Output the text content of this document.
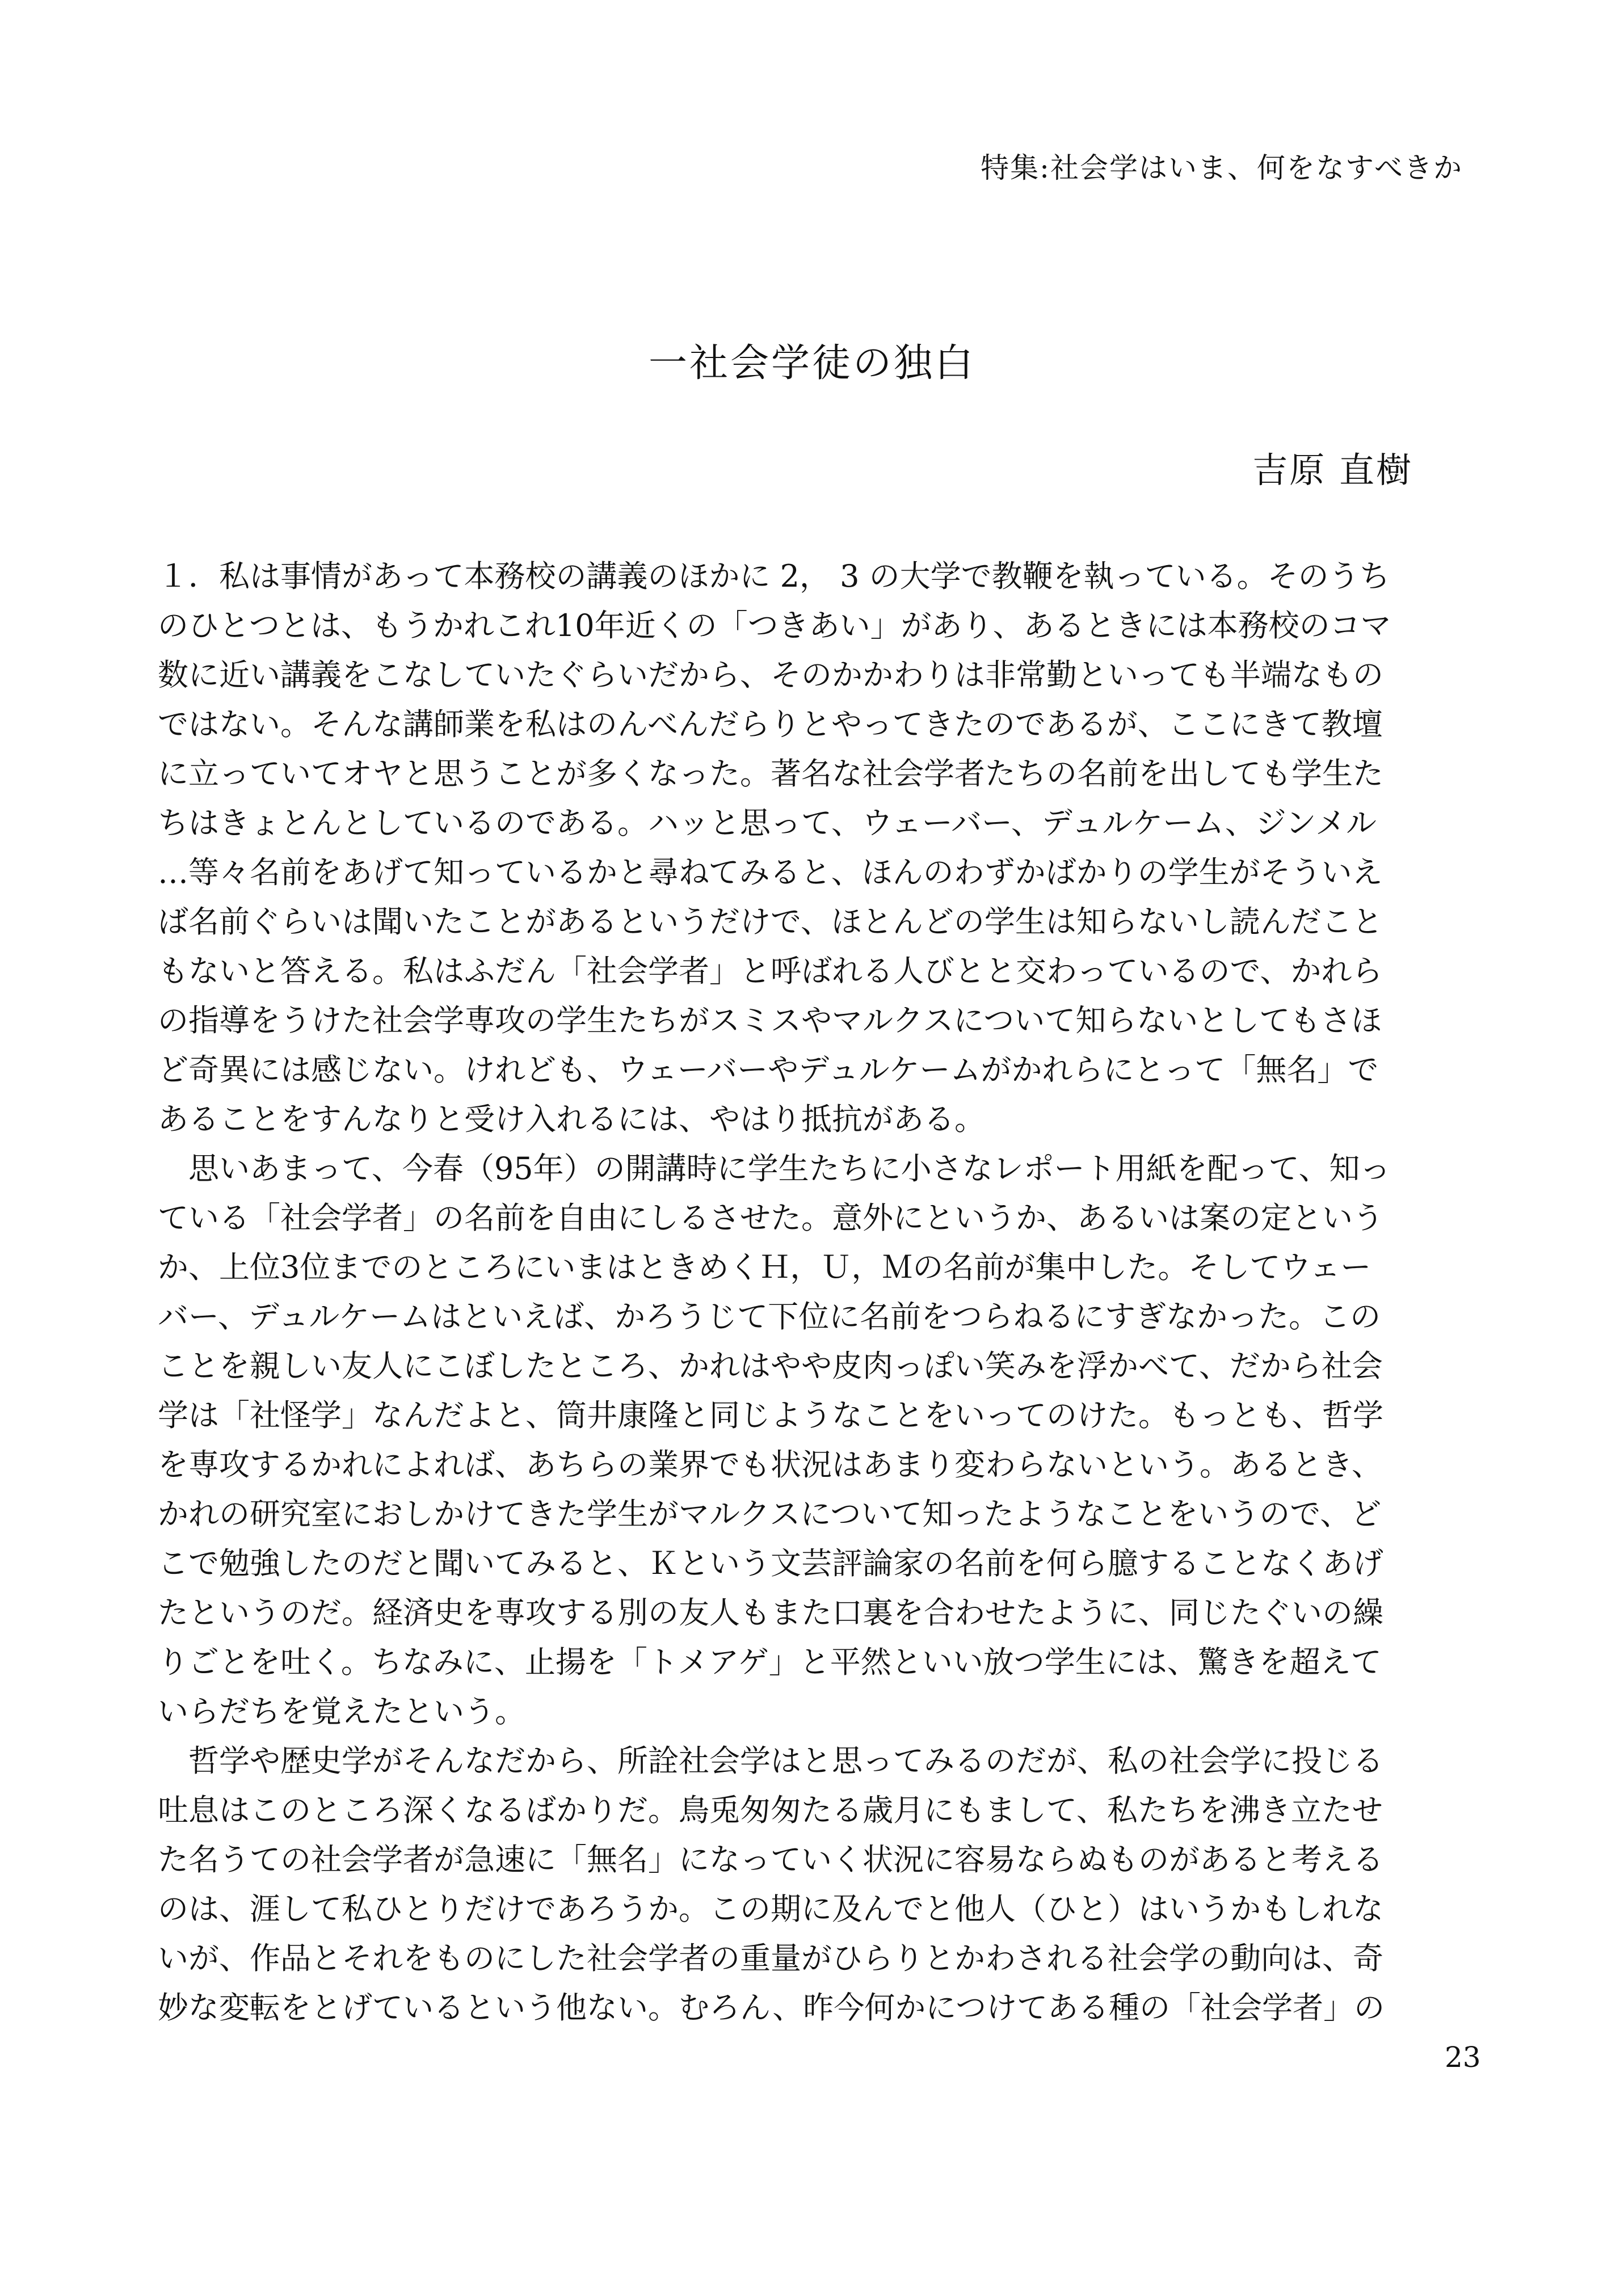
特集:社会学はいま、何をなすべきか
一社会学徒の独白
吉原 直樹
１．私は事情があって本務校の講義のほかに 2， 3 の大学で教鞭を執っている。そのうち
のひとつとは、もうかれこれ10年近くの「つきあい」があり、あるときには本務校のコマ
数に近い講義をこなしていたぐらいだから、そのかかわりは非常勤といっても半端なもの
ではない。そんな講師業を私はのんべんだらりとやってきたのであるが、ここにきて教壇
に立っていてオヤと思うことが多くなった。著名な社会学者たちの名前を出しても学生た
ちはきょとんとしているのである。ハッと思って、ウェーバー、デュルケーム、ジンメル
…等々名前をあげて知っているかと尋ねてみると、ほんのわずかばかりの学生がそういえ
ば名前ぐらいは聞いたことがあるというだけで、ほとんどの学生は知らないし読んだこと
もないと答える。私はふだん「社会学者」と呼ばれる人びとと交わっているので、かれら
の指導をうけた社会学専攻の学生たちがスミスやマルクスについて知らないとしてもさほ
ど奇異には感じない。けれども、ウェーバーやデュルケームがかれらにとって「無名」で
あることをすんなりと受け入れるには、やはり抵抗がある。
　思いあまって、今春（95年）の開講時に学生たちに小さなレポート用紙を配って、知っ
ている「社会学者」の名前を自由にしるさせた。意外にというか、あるいは案の定という
か、上位3位までのところにいまはときめくＨ，Ｕ，Ｍの名前が集中した。そしてウェー
バー、デュルケームはといえば、かろうじて下位に名前をつらねるにすぎなかった。この
ことを親しい友人にこぼしたところ、かれはやや皮肉っぽい笑みを浮かべて、だから社会
学は「社怪学」なんだよと、筒井康隆と同じようなことをいってのけた。もっとも、哲学
を専攻するかれによれば、あちらの業界でも状況はあまり変わらないという。あるとき、
かれの研究室におしかけてきた学生がマルクスについて知ったようなことをいうので、ど
こで勉強したのだと聞いてみると、Ｋという文芸評論家の名前を何ら臆することなくあげ
たというのだ。経済史を専攻する別の友人もまた口裏を合わせたように、同じたぐいの繰
りごとを吐く。ちなみに、止揚を「トメアゲ」と平然といい放つ学生には、驚きを超えて
いらだちを覚えたという。
　哲学や歴史学がそんなだから、所詮社会学はと思ってみるのだが、私の社会学に投じる
吐息はこのところ深くなるばかりだ。鳥兎匆匆たる歳月にもまして、私たちを沸き立たせ
た名うての社会学者が急速に「無名」になっていく状況に容易ならぬものがあると考える
のは、涯して私ひとりだけであろうか。この期に及んでと他人（ひと）はいうかもしれな
いが、作品とそれをものにした社会学者の重量がひらりとかわされる社会学の動向は、奇
妙な変転をとげているという他ない。むろん、昨今何かにつけてある種の「社会学者」の
23
